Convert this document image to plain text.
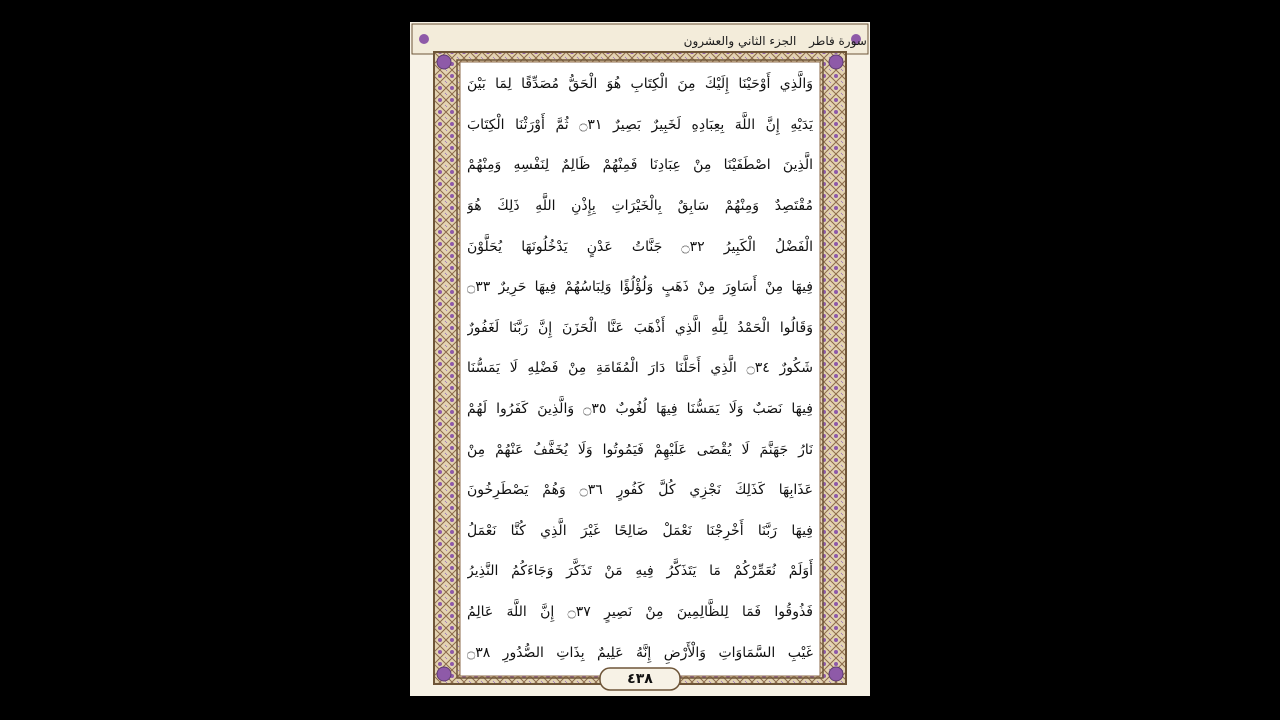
الجزء الثاني والعشرون	سورة فاطر
وَالَّذِي أَوْحَيْنَا إِلَيْكَ مِنَ الْكِتَابِ هُوَ الْحَقُّ مُصَدِّقًا لِمَا بَيْنَ
يَدَيْهِ إِنَّ اللَّهَ بِعِبَادِهِ لَخَبِيرٌ بَصِيرٌ ۝٣١ ثُمَّ أَوْرَثْنَا الْكِتَابَ
الَّذِينَ اصْطَفَيْنَا مِنْ عِبَادِنَا فَمِنْهُمْ ظَالِمٌ لِنَفْسِهِ وَمِنْهُمْ
مُقْتَصِدٌ وَمِنْهُمْ سَابِقٌ بِالْخَيْرَاتِ بِإِذْنِ اللَّهِ ذَلِكَ هُوَ
الْفَضْلُ الْكَبِيرُ ۝٣٢ جَنَّاتُ عَدْنٍ يَدْخُلُونَهَا يُحَلَّوْنَ
فِيهَا مِنْ أَسَاوِرَ مِنْ ذَهَبٍ وَلُؤْلُؤًا وَلِبَاسُهُمْ فِيهَا حَرِيرٌ ۝٣٣
وَقَالُوا الْحَمْدُ لِلَّهِ الَّذِي أَذْهَبَ عَنَّا الْحَزَنَ إِنَّ رَبَّنَا لَغَفُورٌ
شَكُورٌ ۝٣٤ الَّذِي أَحَلَّنَا دَارَ الْمُقَامَةِ مِنْ فَضْلِهِ لَا يَمَسُّنَا
فِيهَا نَصَبٌ وَلَا يَمَسُّنَا فِيهَا لُغُوبٌ ۝٣٥ وَالَّذِينَ كَفَرُوا لَهُمْ
نَارُ جَهَنَّمَ لَا يُقْضَى عَلَيْهِمْ فَيَمُوتُوا وَلَا يُخَفَّفُ عَنْهُمْ مِنْ
عَذَابِهَا كَذَلِكَ نَجْزِي كُلَّ كَفُورٍ ۝٣٦ وَهُمْ يَصْطَرِخُونَ
فِيهَا رَبَّنَا أَخْرِجْنَا نَعْمَلْ صَالِحًا غَيْرَ الَّذِي كُنَّا نَعْمَلُ
أَوَلَمْ نُعَمِّرْكُمْ مَا يَتَذَكَّرُ فِيهِ مَنْ تَذَكَّرَ وَجَاءَكُمُ النَّذِيرُ
فَذُوقُوا فَمَا لِلظَّالِمِينَ مِنْ نَصِيرٍ ۝٣٧ إِنَّ اللَّهَ عَالِمُ
غَيْبِ السَّمَاوَاتِ وَالْأَرْضِ إِنَّهُ عَلِيمٌ بِذَاتِ الصُّدُورِ ۝٣٨
٤٣٨
